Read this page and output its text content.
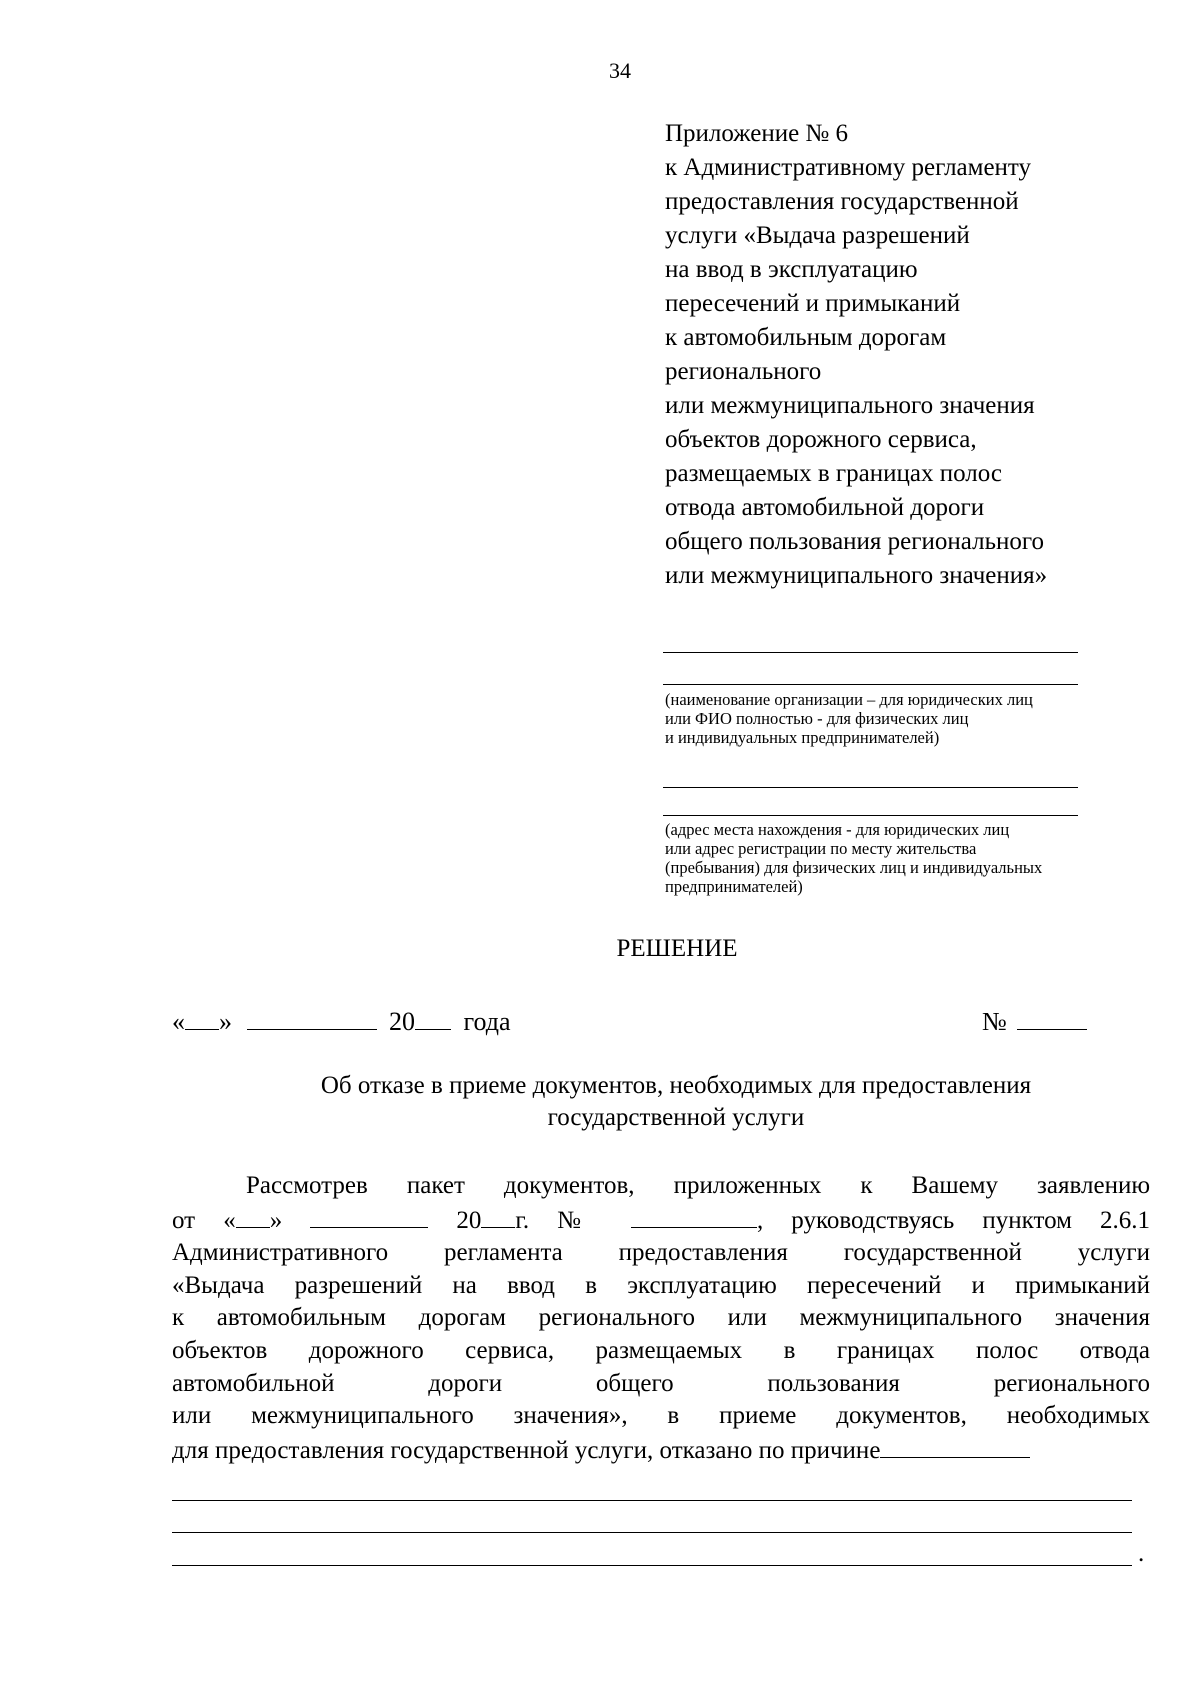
34
Приложение № 6
к Административному регламенту
предоставления государственной
услуги «Выдача разрешений
на ввод в эксплуатацию
пересечений и примыканий
к автомобильным дорогам
регионального
или межмуниципального значения
объектов дорожного сервиса,
размещаемых в границах полос
отвода автомобильной дороги
общего пользования регионального
или межмуниципального значения»
(наименование организации – для юридических лиц
или ФИО полностью - для физических лиц
и индивидуальных предпринимателей)
(адрес места нахождения - для юридических лиц
или адрес регистрации по месту жительства
(пребывания) для физических лиц и индивидуальных
предпринимателей)
РЕШЕНИЕ
« »	20 года	№
Об отказе в приеме документов, необходимых для предоставления
государственной услуги
Рассмотрев пакет документов, приложенных к Вашему заявлению
от « »	20 г. №	, руководствуясь пунктом 2.6.1
Административного регламента предоставления государственной услуги
«Выдача разрешений на ввод в эксплуатацию пересечений и примыканий
к автомобильным дорогам регионального или межмуниципального значения
объектов дорожного сервиса, размещаемых в границах полос отвода
автомобильной дороги общего пользования регионального
или межмуниципального значения», в приеме документов, необходимых
для предоставления государственной услуги, отказано по причине
.
